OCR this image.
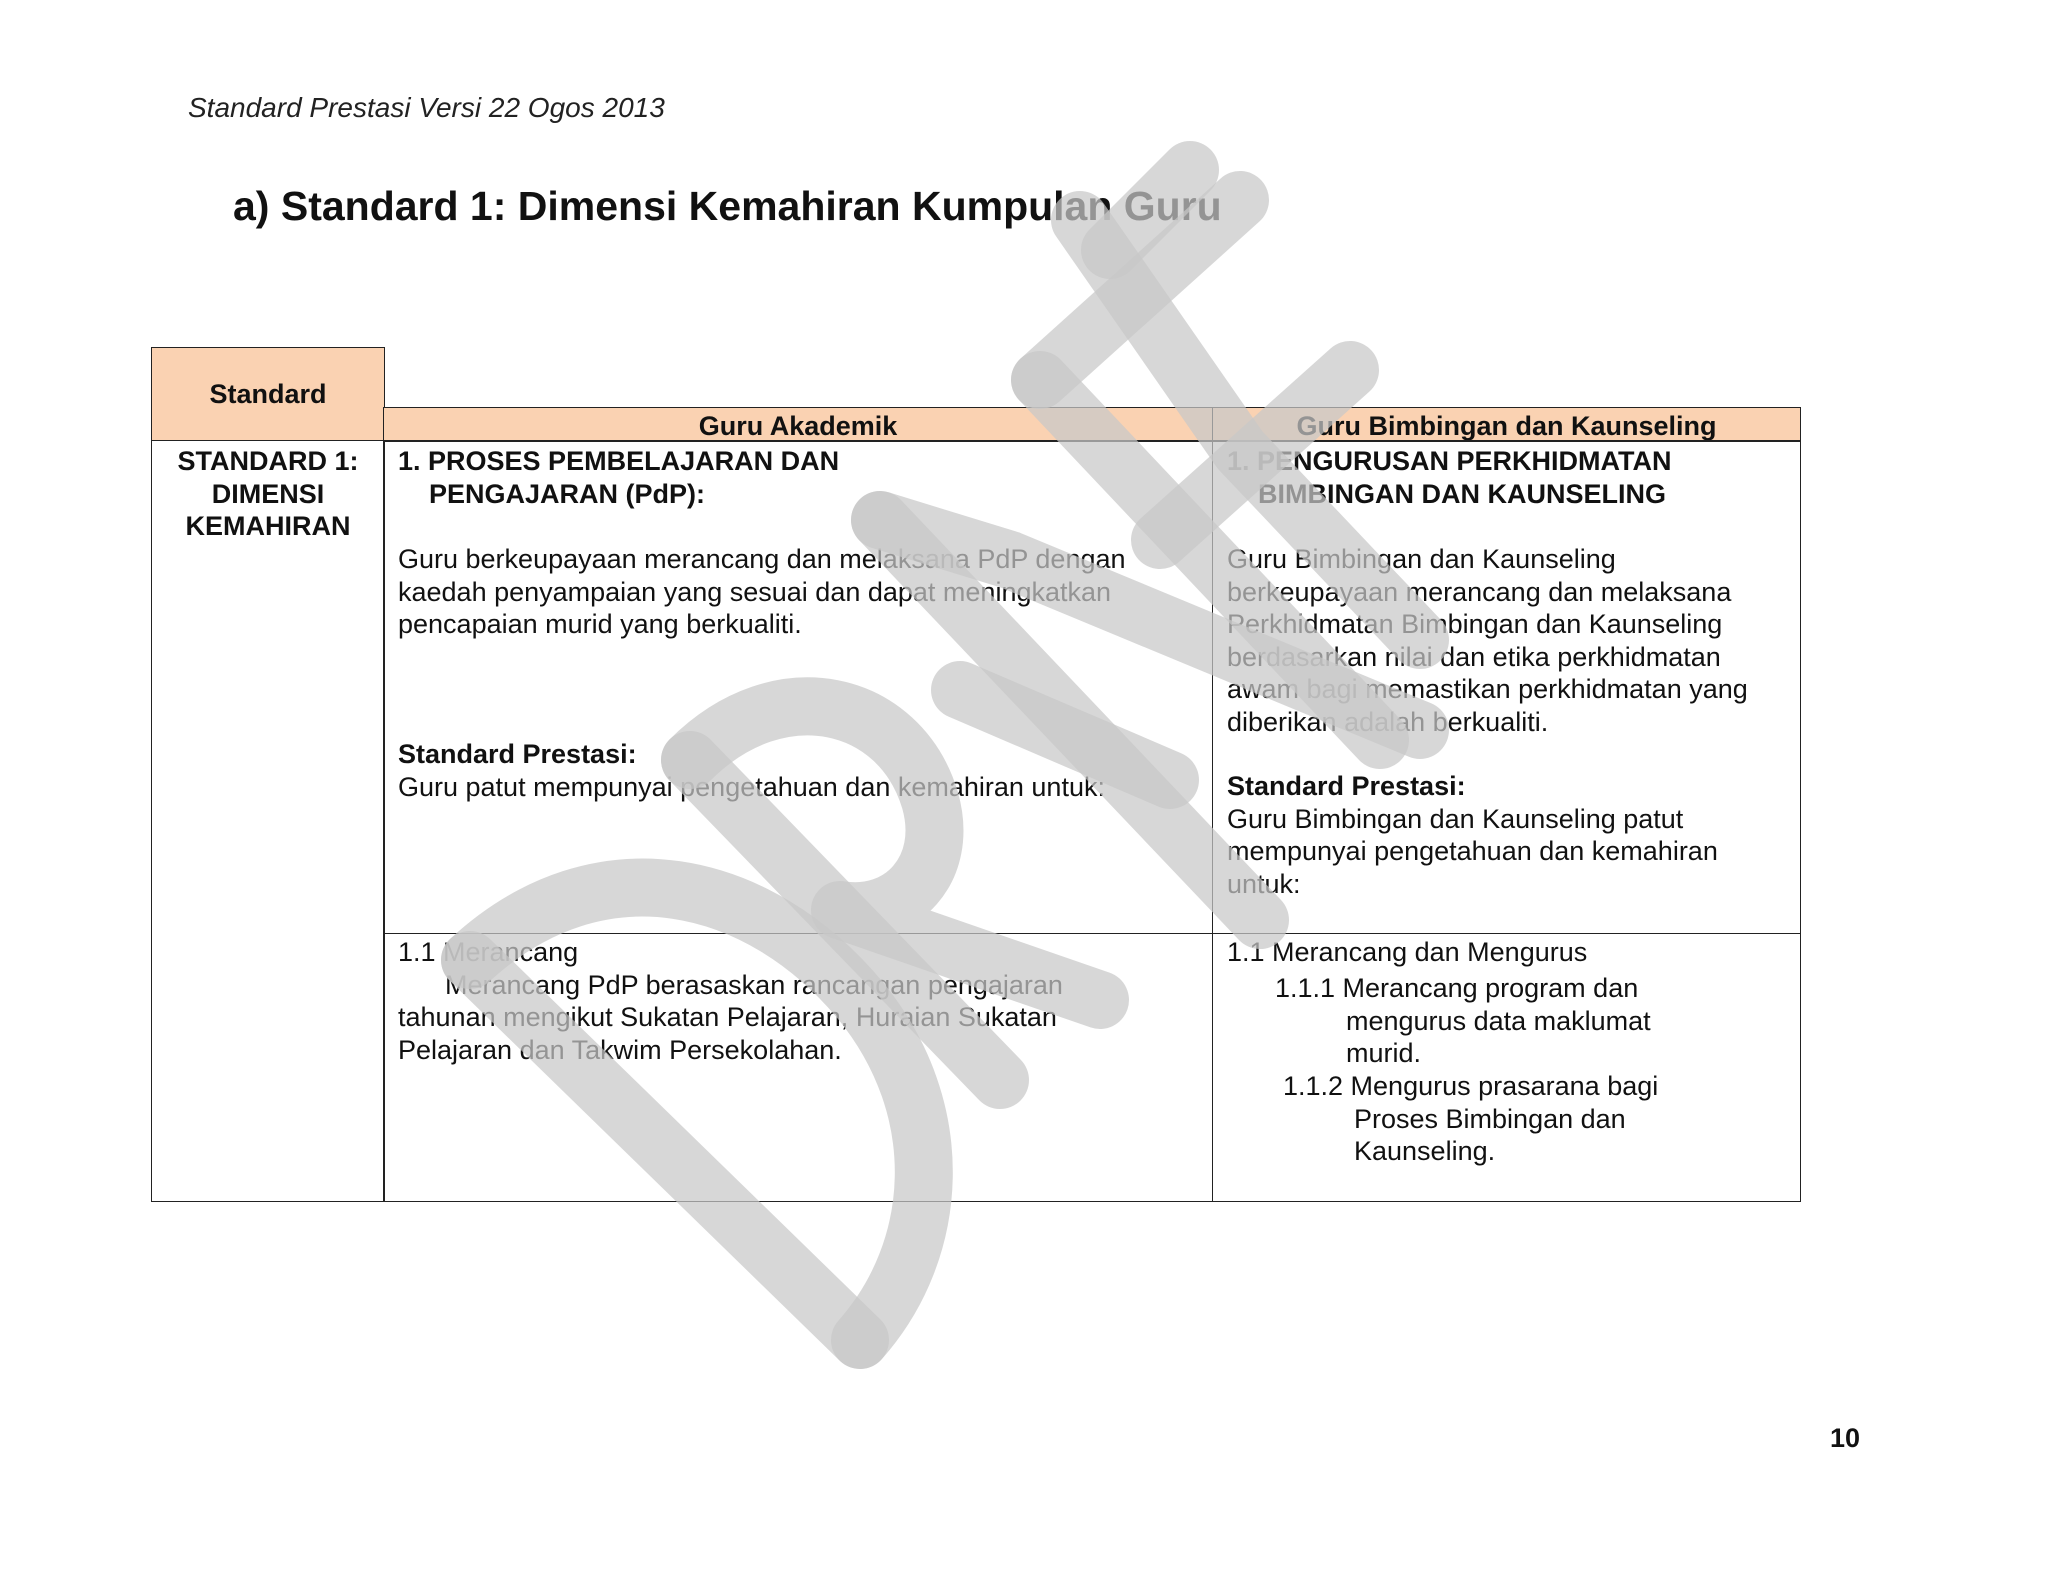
Standard Prestasi Versi 22 Ogos 2013
a) Standard 1: Dimensi Kemahiran Kumpulan Guru
Standard
Guru Akademik	Guru Bimbingan dan Kaunseling
STANDARD 1:
DIMENSI
KEMAHIRAN
1. PROSES PEMBELAJARAN DAN
PENGAJARAN (PdP):
Guru berkeupayaan merancang dan melaksana PdP dengan
kaedah penyampaian yang sesuai dan dapat meningkatkan
pencapaian murid yang berkualiti.
Standard Prestasi:
Guru patut mempunyai pengetahuan dan kemahiran untuk:
1. PENGURUSAN PERKHIDMATAN
BIMBINGAN DAN KAUNSELING
Guru Bimbingan dan Kaunseling
berkeupayaan merancang dan melaksana
Perkhidmatan Bimbingan dan Kaunseling
berdasarkan nilai dan etika perkhidmatan
awam bagi memastikan perkhidmatan yang
diberikan adalah berkualiti.
Standard Prestasi:
Guru Bimbingan dan Kaunseling patut
mempunyai pengetahuan dan kemahiran
untuk:
1.1 Merancang
Merancang PdP berasaskan rancangan pengajaran
tahunan mengikut Sukatan Pelajaran, Huraian Sukatan
Pelajaran dan Takwim Persekolahan.
1.1 Merancang dan Mengurus
1.1.1 Merancang program dan
mengurus data maklumat
murid.
1.1.2 Mengurus prasarana bagi
Proses Bimbingan dan
Kaunseling.
10
